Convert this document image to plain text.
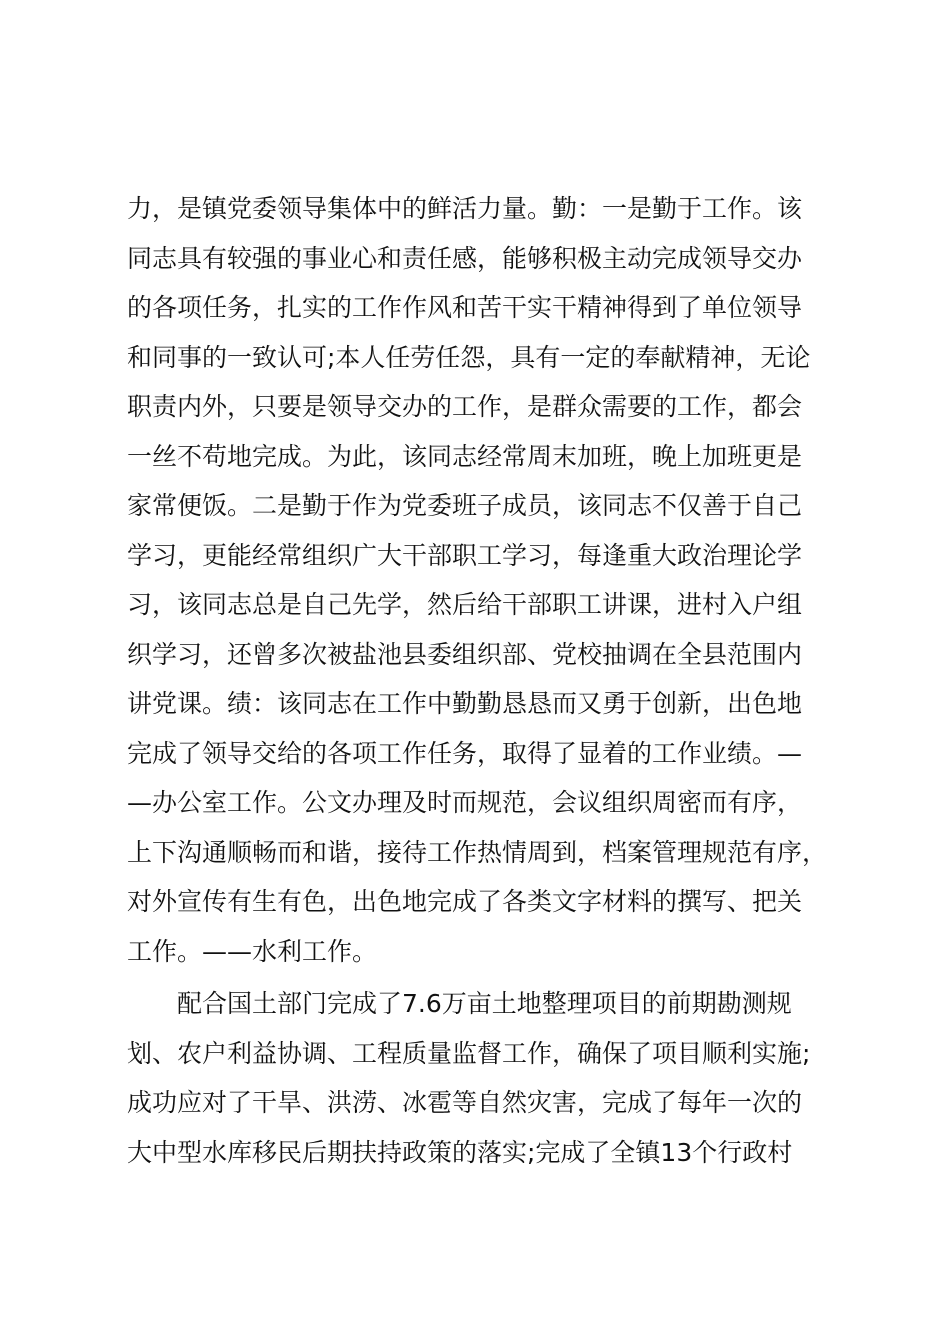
力，是镇党委领导集体中的鲜活力量。勤：一是勤于工作。该
同志具有较强的事业心和责任感，能够积极主动完成领导交办
的各项任务，扎实的工作作风和苦干实干精神得到了单位领导
和同事的一致认可;本人任劳任怨，具有一定的奉献精神，无论
职责内外，只要是领导交办的工作，是群众需要的工作，都会
一丝不苟地完成。为此，该同志经常周末加班，晚上加班更是
家常便饭。二是勤于作为党委班子成员，该同志不仅善于自己
学习，更能经常组织广大干部职工学习，每逢重大政治理论学
习，该同志总是自己先学，然后给干部职工讲课，进村入户组
织学习，还曾多次被盐池县委组织部、党校抽调在全县范围内
讲党课。绩：该同志在工作中勤勤恳恳而又勇于创新，出色地
完成了领导交给的各项工作任务，取得了显着的工作业绩。—
—办公室工作。公文办理及时而规范，会议组织周密而有序，
上下沟通顺畅而和谐，接待工作热情周到，档案管理规范有序，
对外宣传有生有色，出色地完成了各类文字材料的撰写、把关
工作。——水利工作。
　　配合国土部门完成了7.6万亩土地整理项目的前期勘测规
划、农户利益协调、工程质量监督工作，确保了项目顺利实施;
成功应对了干旱、洪涝、冰雹等自然灾害，完成了每年一次的
大中型水库移民后期扶持政策的落实;完成了全镇13个行政村
